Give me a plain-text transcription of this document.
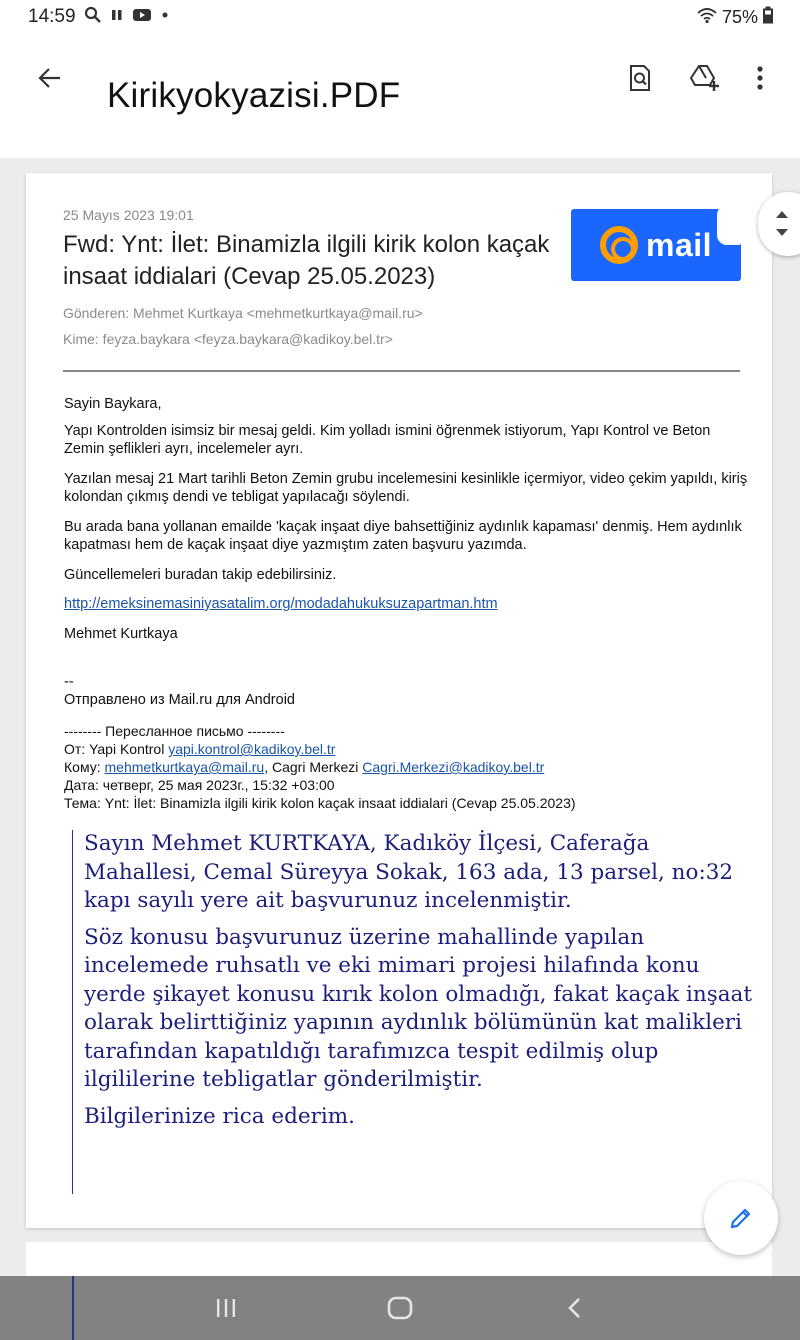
14:59	75%
Kirikyokyazisi.PDF
25 Mayıs 2023 19:01
Fwd: Ynt: İlet: Binamizla ilgili kirik kolon kaçak insaat iddialari (Cevap 25.05.2023)
Gönderen: Mehmet Kurtkaya <mehmetkurtkaya@mail.ru>
Kime: feyza.baykara <feyza.baykara@kadikoy.bel.tr>
mail
Sayin Baykara,
Yapı Kontrolden isimsiz bir mesaj geldi. Kim yolladı ismini öğrenmek istiyorum, Yapı Kontrol ve Beton Zemin şeflikleri ayrı, incelemeler ayrı.
Yazılan mesaj 21 Mart tarihli Beton Zemin grubu incelemesini kesinlikle içermiyor, video çekim yapıldı, kiriş kolondan çıkmış dendi ve tebligat yapılacağı söylendi.
Bu arada bana yollanan emailde 'kaçak inşaat diye bahsettiğiniz aydınlık kapaması' denmiş. Hem aydınlık kapatması hem de kaçak inşaat diye yazmıştım zaten başvuru yazımda.
Güncellemeleri buradan takip edebilirsiniz.
http://emeksinemasiniyasatalim.org/modadahukuksuzapartman.htm
Mehmet Kurtkaya
--
Отправлено из Mail.ru для Android
-------- Пересланное письмо --------
От: Yapi Kontrol yapi.kontrol@kadikoy.bel.tr
Кому: mehmetkurtkaya@mail.ru, Cagri Merkezi Cagri.Merkezi@kadikoy.bel.tr
Дата: четверг, 25 мая 2023г., 15:32 +03:00
Тема: Ynt: İlet: Binamizla ilgili kirik kolon kaçak insaat iddialari (Cevap 25.05.2023)

Sayın Mehmet KURTKAYA, Kadıköy İlçesi, Caferağa Mahallesi, Cemal Süreyya Sokak, 163 ada, 13 parsel, no:32 kapı sayılı yere ait başvurunuz incelenmiştir.

Söz konusu başvurunuz üzerine mahallinde yapılan incelemede ruhsatlı ve eki mimari projesi hilafında konu yerde şikayet konusu kırık kolon olmadığı, fakat kaçak inşaat olarak belirttiğiniz yapının aydınlık bölümünün kat malikleri tarafından kapatıldığı tarafımızca tespit edilmiş olup ilgililerine tebligatlar gönderilmiştir.

Bilgilerinize rica ederim.
